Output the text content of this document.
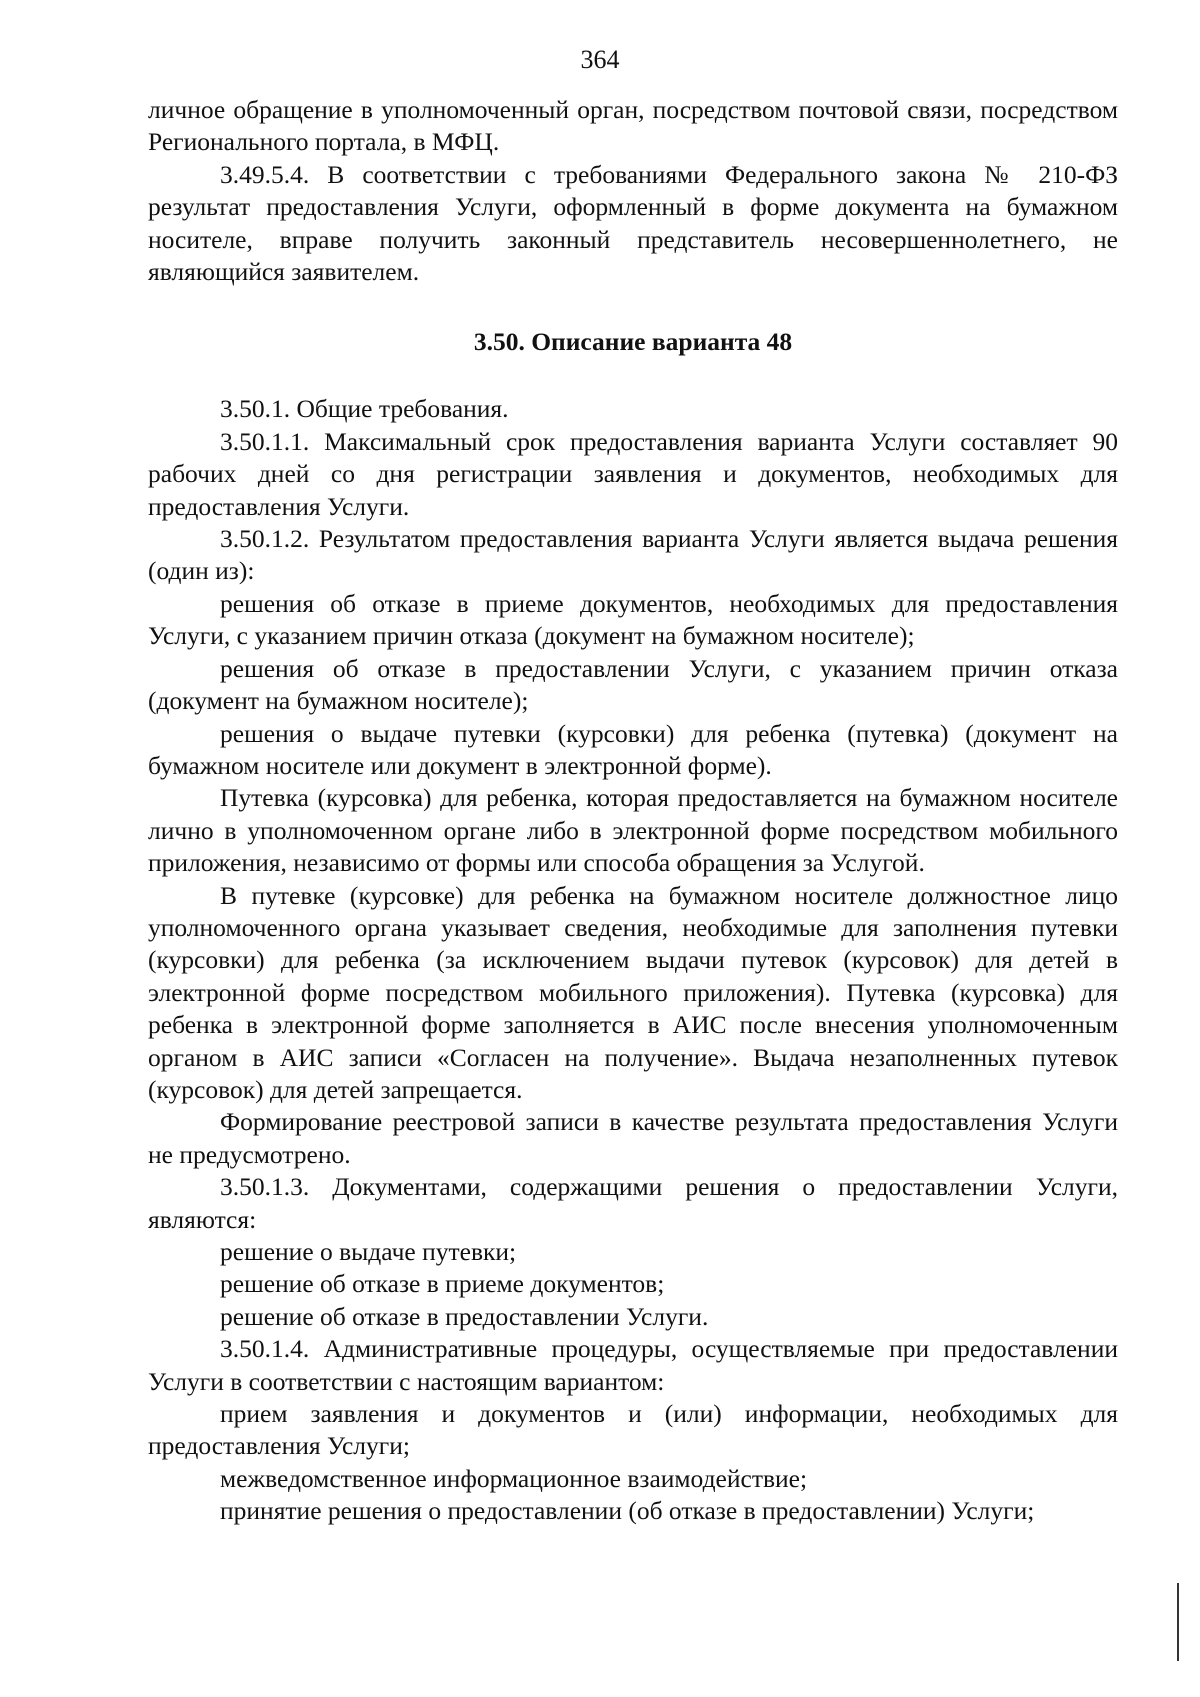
364

личное обращение в уполномоченный орган, посредством почтовой связи, посредством Регионального портала, в МФЦ.

3.49.5.4. В соответствии с требованиями Федерального закона № 210-ФЗ результат предоставления Услуги, оформленный в форме документа на бумажном носителе, вправе получить законный представитель несовершеннолетнего, не являющийся заявителем.

3.50. Описание варианта 48

3.50.1. Общие требования.

3.50.1.1. Максимальный срок предоставления варианта Услуги составляет 90 рабочих дней со дня регистрации заявления и документов, необходимых для предоставления Услуги.

3.50.1.2. Результатом предоставления варианта Услуги является выдача решения (один из):

решения об отказе в приеме документов, необходимых для предоставления Услуги, с указанием причин отказа (документ на бумажном носителе);

решения об отказе в предоставлении Услуги, с указанием причин отказа (документ на бумажном носителе);

решения о выдаче путевки (курсовки) для ребенка (путевка) (документ на бумажном носителе или документ в электронной форме).

Путевка (курсовка) для ребенка, которая предоставляется на бумажном носителе лично в уполномоченном органе либо в электронной форме посредством мобильного приложения, независимо от формы или способа обращения за Услугой.

В путевке (курсовке) для ребенка на бумажном носителе должностное лицо уполномоченного органа указывает сведения, необходимые для заполнения путевки (курсовки) для ребенка (за исключением выдачи путевок (курсовок) для детей в электронной форме посредством мобильного приложения). Путевка (курсовка) для ребенка в электронной форме заполняется в АИС после внесения уполномоченным органом в АИС записи «Согласен на получение». Выдача незаполненных путевок (курсовок) для детей запрещается.

Формирование реестровой записи в качестве результата предоставления Услуги не предусмотрено.

3.50.1.3. Документами, содержащими решения о предоставлении Услуги, являются:

решение о выдаче путевки;

решение об отказе в приеме документов;

решение об отказе в предоставлении Услуги.

3.50.1.4. Административные процедуры, осуществляемые при предоставлении Услуги в соответствии с настоящим вариантом:

прием заявления и документов и (или) информации, необходимых для предоставления Услуги;

межведомственное информационное взаимодействие;

принятие решения о предоставлении (об отказе в предоставлении) Услуги;
